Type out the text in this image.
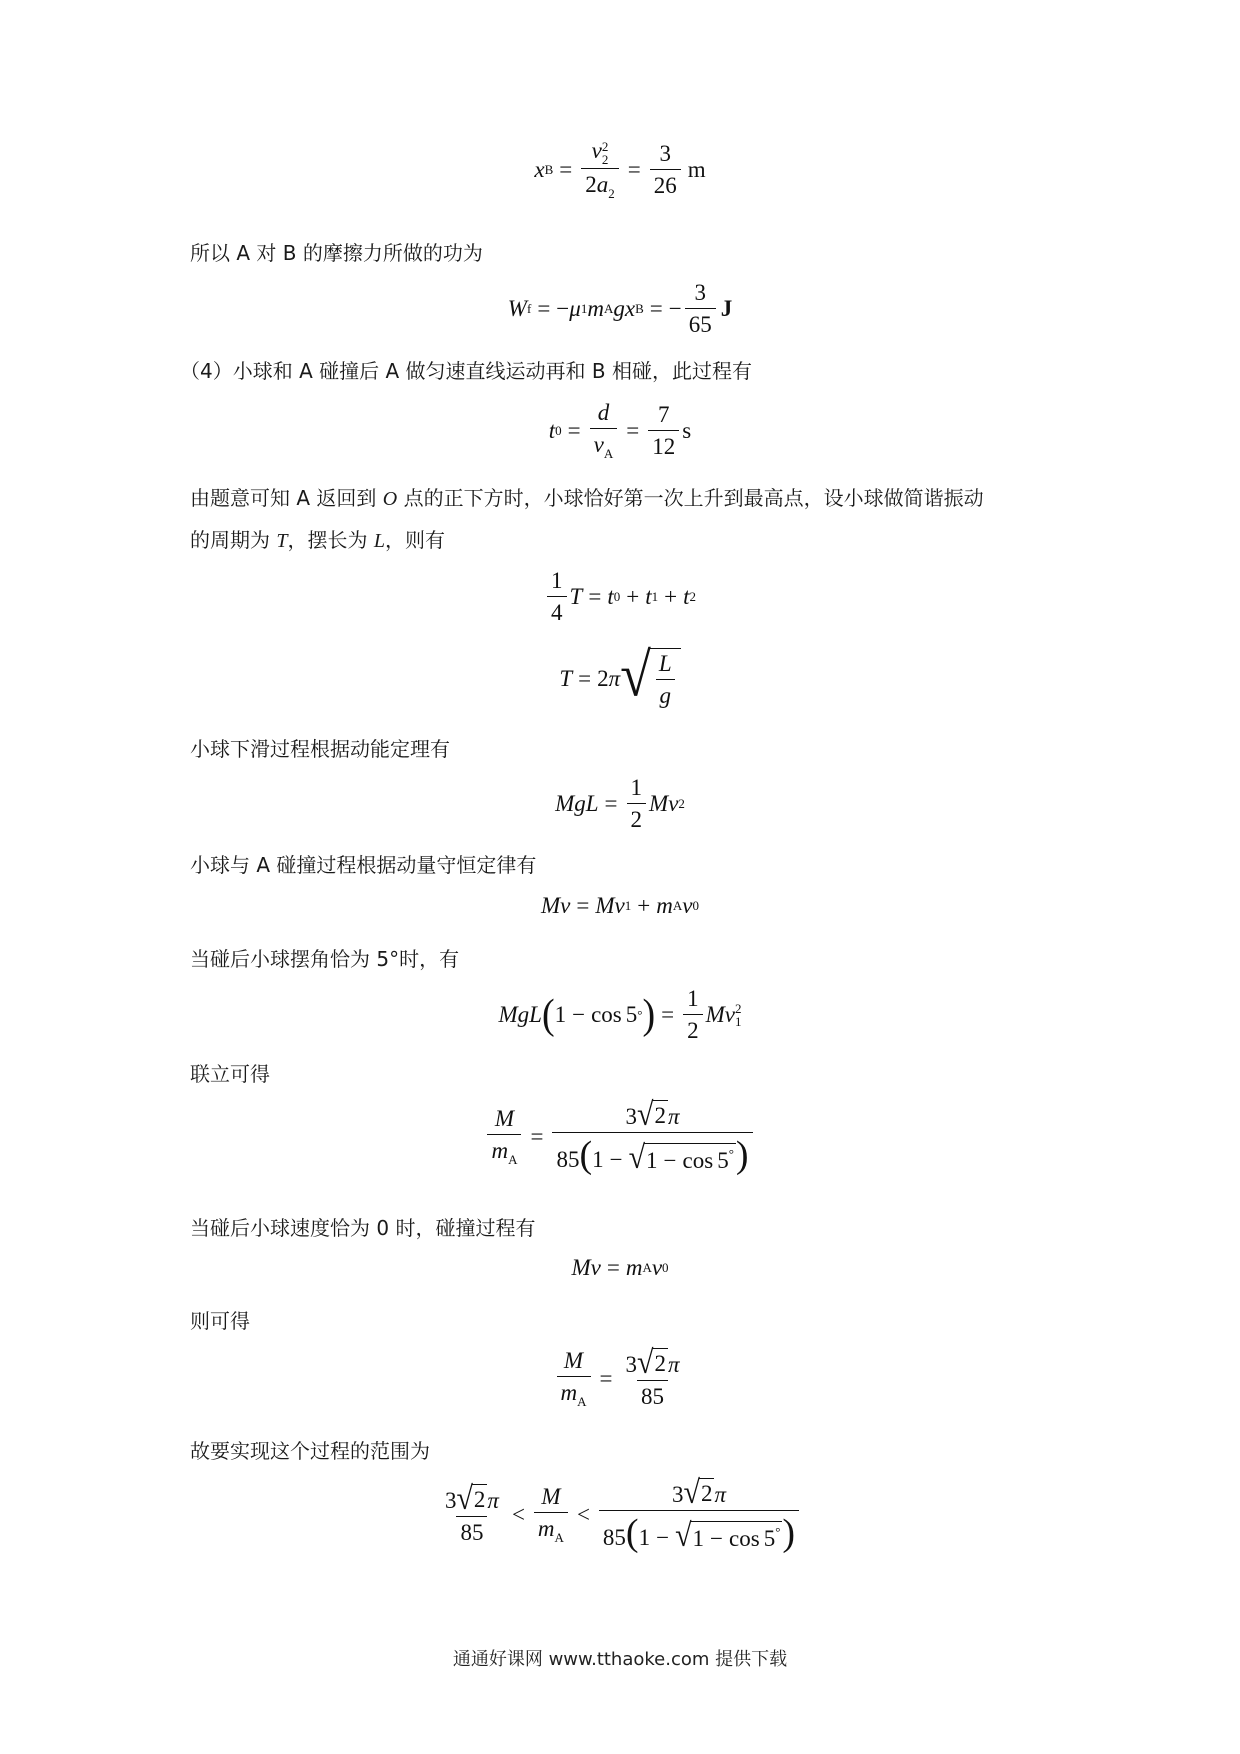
x B = v 2
2
$2a_2 = \frac{3}{26}$ m
所以 A 对 B 的摩擦力所做的功为
W f = − μ 1 m A g x B = − $\frac{3}{65}$ J
（4）小球和 A 碰撞后 A 做匀速直线运动再和 B 相碰，此过程有
t $0 = \frac{d}{v_A} = \frac{7}{12}$ s
由题意可知 A 返回到 O 点的正下方时，小球恰好第一次上升到最高点，设小球做简谐振动
的周期为 T，摆长为 L，则有
$\frac{1}{4}$ T = t 0 + t 1 + t 2
T = 2 π √ $\frac{L}{g}$
小球下滑过程根据动能定理有
MgL = $\frac{1}{2}$ Mv 2
小球与 A 碰撞过程根据动量守恒定律有
Mv = Mv 1 + m A v 0
当碰后小球摆角恰为 5°时，有
MgL ( 1 − cos 5 ° ) = $\frac{1}{2}$ Mv 2
1
联立可得
$\frac{M}{m_A} = \frac{3 √ 2 \pi}{85(1 - √ 1 - \cos 5^\circ )}$
当碰后小球速度恰为 0 时，碰撞过程有
Mv = m A v 0
则可得
$\frac{M}{m_A} = \frac{3 √ 2 \pi}{85}$
故要实现这个过程的范围为
$\frac{3 √ 2 \pi}{85} < \frac{M}{m_A} < \frac{3 √ 2 \pi}{85(1 - √ 1 - \cos 5^\circ )}$
通通好课网 www.tthaoke.com 提供下载
